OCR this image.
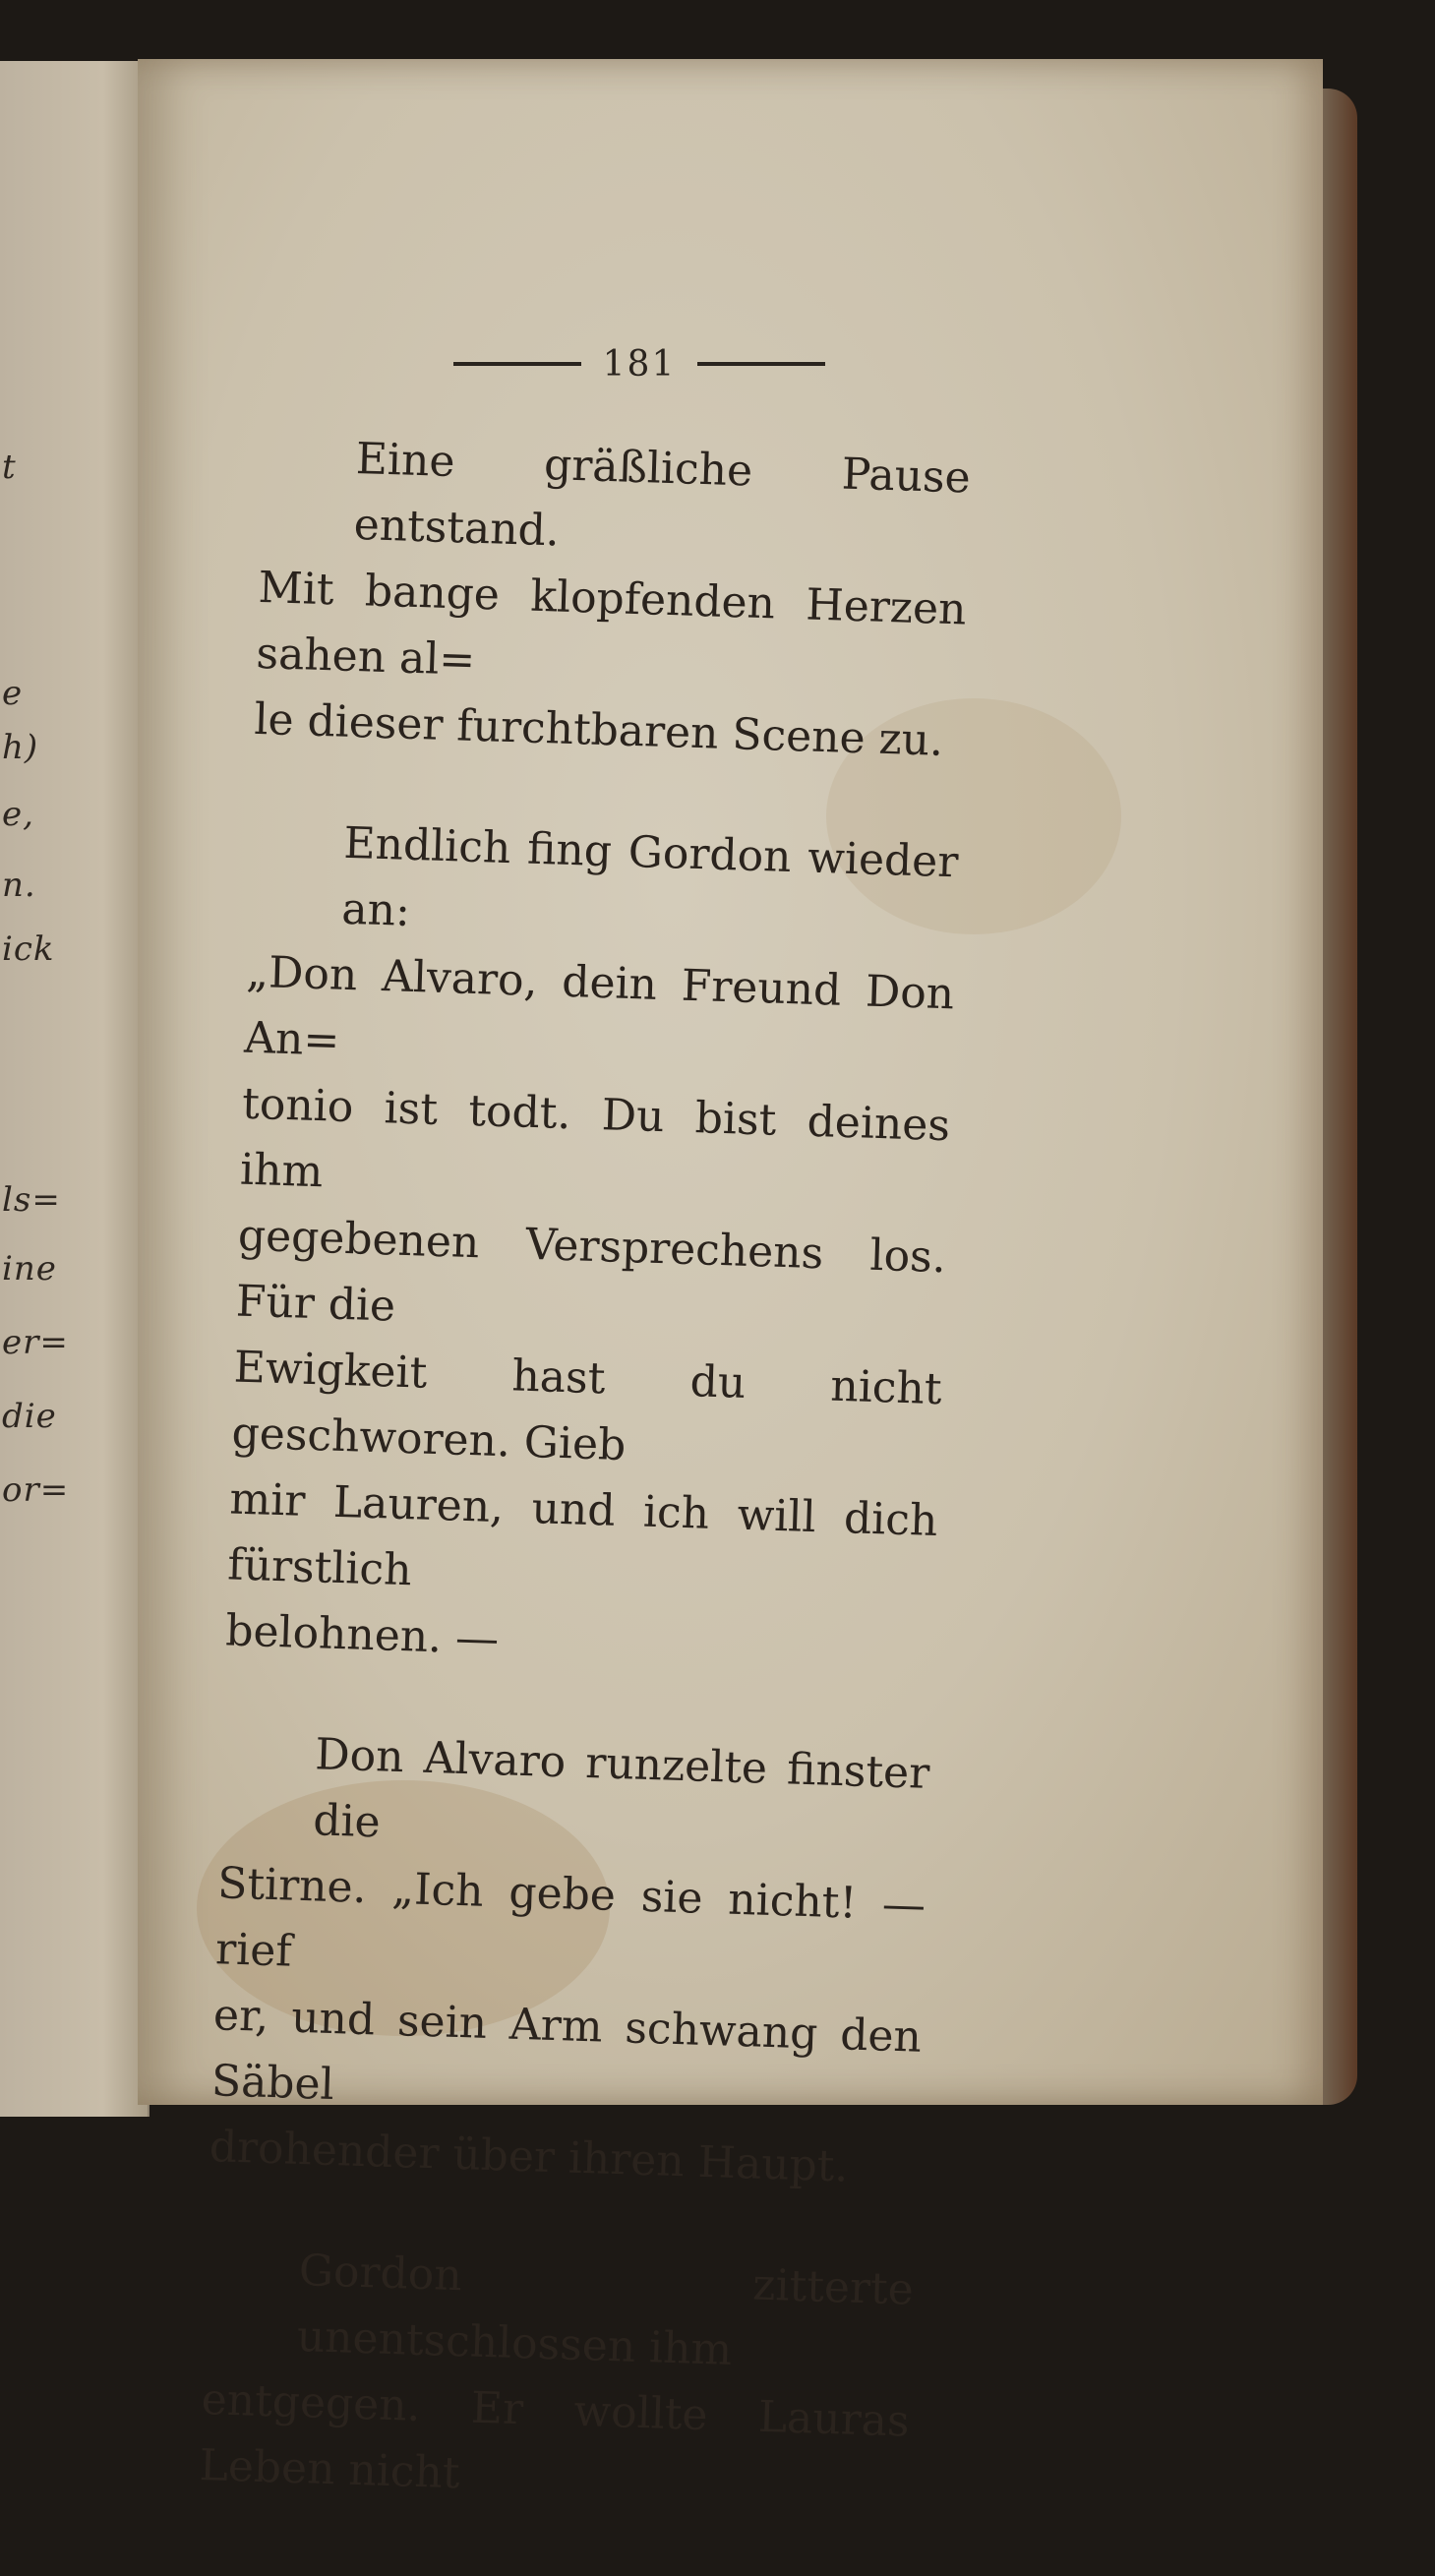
t
e
h)
e,
n.
ick
ls=
ine
er=
die
or=
181
Eine gräßliche Pause entstand.
Mit bange klopfenden Herzen sahen al=
le dieser furchtbaren Scene zu.
Endlich fing Gordon wieder an:
„Don Alvaro, dein Freund Don An=
tonio ist todt. Du bist deines ihm
gegebenen Versprechens los. Für die
Ewigkeit hast du nicht geschworen. Gieb
mir Lauren, und ich will dich fürstlich
belohnen. —
Don Alvaro runzelte finster die
Stirne. „Ich gebe sie nicht! — rief
er, und sein Arm schwang den Säbel
drohender über ihren Haupt.
Gordon zitterte unentschlossen ihm
entgegen. Er wollte Lauras Leben nicht
